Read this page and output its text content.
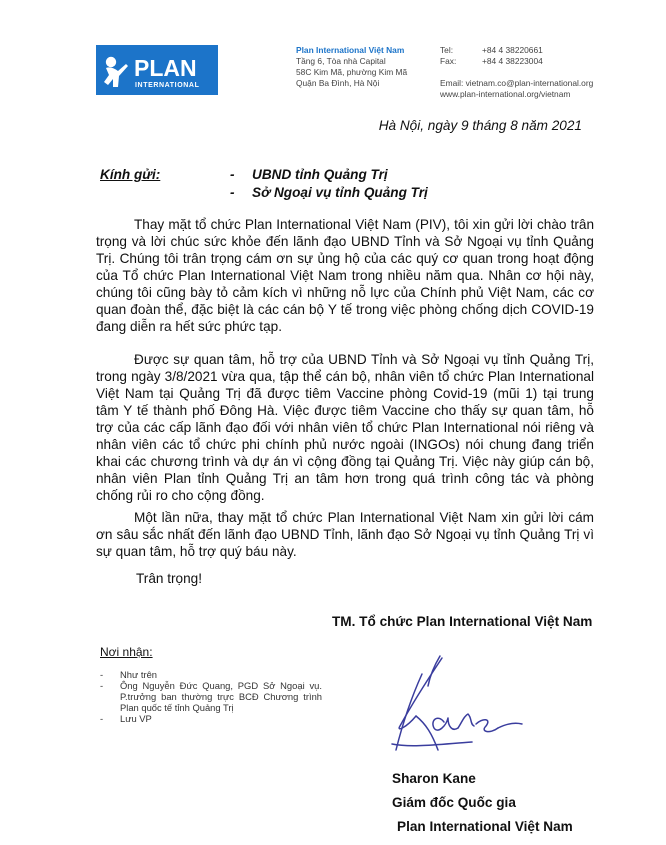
PLAN
INTERNATIONAL
Plan International Việt Nam
Tầng 6, Tòa nhà Capital
58C Kim Mã, phường Kim Mã
Quận Ba Đình, Hà Nội
Tel:
Fax:
+84 4 38220661
+84 4 38223004
Email: vietnam.co@plan-international.org
www.plan-international.org/vietnam
Hà Nội, ngày 9 tháng 8 năm 2021
Kính gửi:	- UBND tỉnh Quảng Trị
- Sở Ngoại vụ tỉnh Quảng Trị

Thay mặt tổ chức Plan International Việt Nam (PIV), tôi xin gửi lời chào trân trọng và lời chúc sức khỏe đến lãnh đạo UBND Tỉnh và Sở Ngoại vụ tỉnh Quảng Trị. Chúng tôi trân trọng cám ơn sự ủng hộ của các quý cơ quan trong hoạt động của Tổ chức Plan International Việt Nam trong nhiều năm qua. Nhân cơ hội này, chúng tôi cũng bày tỏ cảm kích vì những nỗ lực của Chính phủ Việt Nam, các cơ quan đoàn thể, đặc biệt là các cán bộ Y tế trong việc phòng chống dịch COVID-19 đang diễn ra hết sức phức tạp.

Được sự quan tâm, hỗ trợ của UBND Tỉnh và Sở Ngoại vụ tỉnh Quảng Trị, trong ngày 3/8/2021 vừa qua, tập thể cán bộ, nhân viên tổ chức Plan International Việt Nam tại Quảng Trị đã được tiêm Vaccine phòng Covid-19 (mũi 1) tại trung tâm Y tế thành phố Đông Hà. Việc được tiêm Vaccine cho thấy sự quan tâm, hỗ trợ của các cấp lãnh đạo đối với nhân viên tổ chức Plan International nói riêng và nhân viên các tổ chức phi chính phủ nước ngoài (INGOs) nói chung đang triển khai các chương trình và dự án vì cộng đồng tại Quảng Trị. Việc này giúp cán bộ, nhân viên Plan tỉnh Quảng Trị an tâm hơn trong quá trình công tác và phòng chống rủi ro cho cộng đồng.

Một lần nữa, thay mặt tổ chức Plan International Việt Nam xin gửi lời cám ơn sâu sắc nhất đến lãnh đạo UBND Tỉnh, lãnh đạo Sở Ngoại vụ tỉnh Quảng Trị vì sự quan tâm, hỗ trợ quý báu này.

Trân trọng!
TM. Tổ chức Plan International Việt Nam
Nơi nhận:
- Như trên
- Ông Nguyễn Đức Quang, PGD Sở Ngoại vụ. P.trưởng ban thường trực BCĐ Chương trình Plan quốc tế tỉnh Quảng Trị
- Lưu VP
Sharon Kane
Giám đốc Quốc gia
Plan International Việt Nam
